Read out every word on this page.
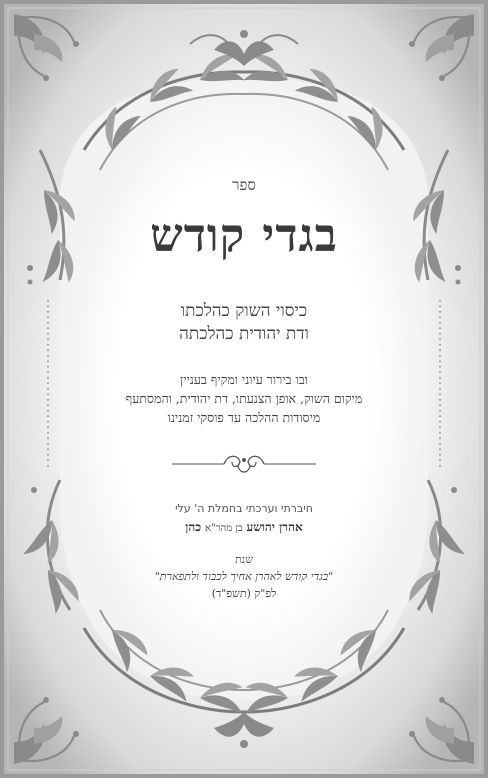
ספר

בגדי קודש

כיסוי השוק כהלכתו

ודת יהודית כהלכתה

ובו בירור עיוני ומקיף בעניין

מיקום השוק, אופן הצנעתו, דת יהודית, והמסתעף

מיסודות ההלכה עד פוסקי זמנינו

חיברתי וערכתי בחמלת ה' עלי

אהרן יהושע בן מהר"א כהן

שנת

"בגדי קודש לאהרן אחיך לכבוד ולתפארת"

לפ"ק (תשפ"ד)
